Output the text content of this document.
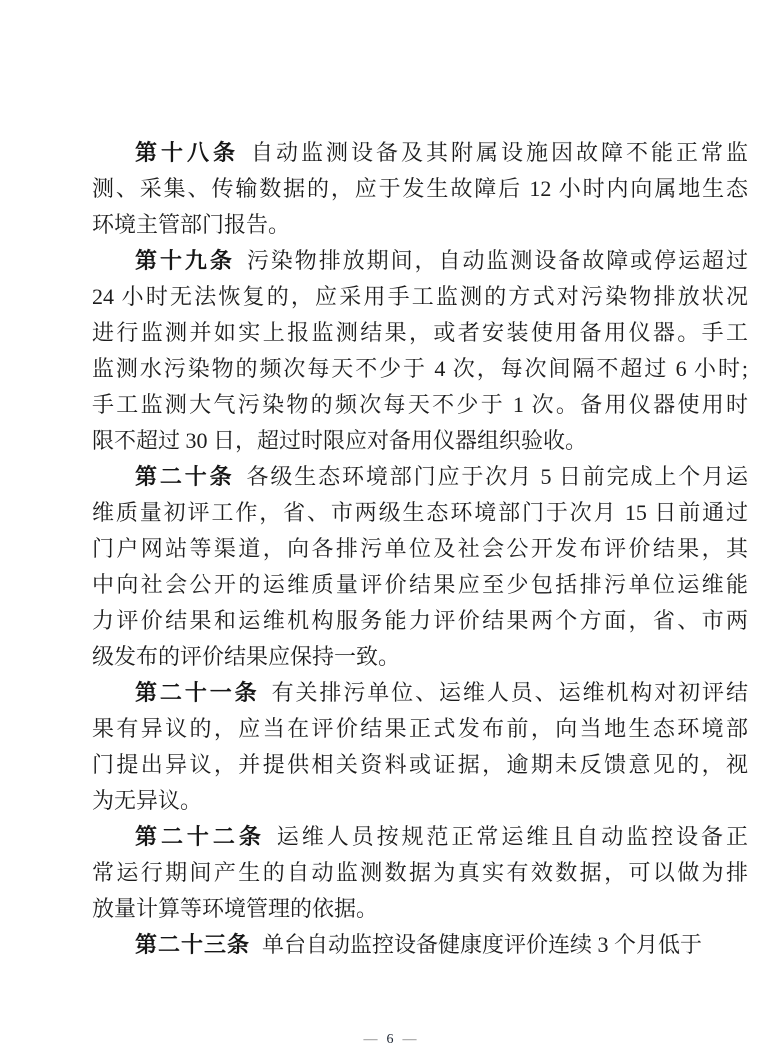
第十八条 自动监测设备及其附属设施因故障不能正常监
测、采集、传输数据的，应于发生故障后 12 小时内向属地生态
环境主管部门报告。
第十九条 污染物排放期间，自动监测设备故障或停运超过
24 小时无法恢复的，应采用手工监测的方式对污染物排放状况
进行监测并如实上报监测结果，或者安装使用备用仪器。手工
监测水污染物的频次每天不少于 4 次，每次间隔不超过 6 小时;
手工监测大气污染物的频次每天不少于 1 次。备用仪器使用时
限不超过 30 日，超过时限应对备用仪器组织验收。
第二十条 各级生态环境部门应于次月 5 日前完成上个月运
维质量初评工作，省、市两级生态环境部门于次月 15 日前通过
门户网站等渠道，向各排污单位及社会公开发布评价结果，其
中向社会公开的运维质量评价结果应至少包括排污单位运维能
力评价结果和运维机构服务能力评价结果两个方面，省、市两
级发布的评价结果应保持一致。
第二十一条 有关排污单位、运维人员、运维机构对初评结
果有异议的，应当在评价结果正式发布前，向当地生态环境部
门提出异议，并提供相关资料或证据，逾期未反馈意见的，视
为无异议。
第二十二条 运维人员按规范正常运维且自动监控设备正
常运行期间产生的自动监测数据为真实有效数据，可以做为排
放量计算等环境管理的依据。
第二十三条 单台自动监控设备健康度评价连续 3 个月低于
— 6 —
